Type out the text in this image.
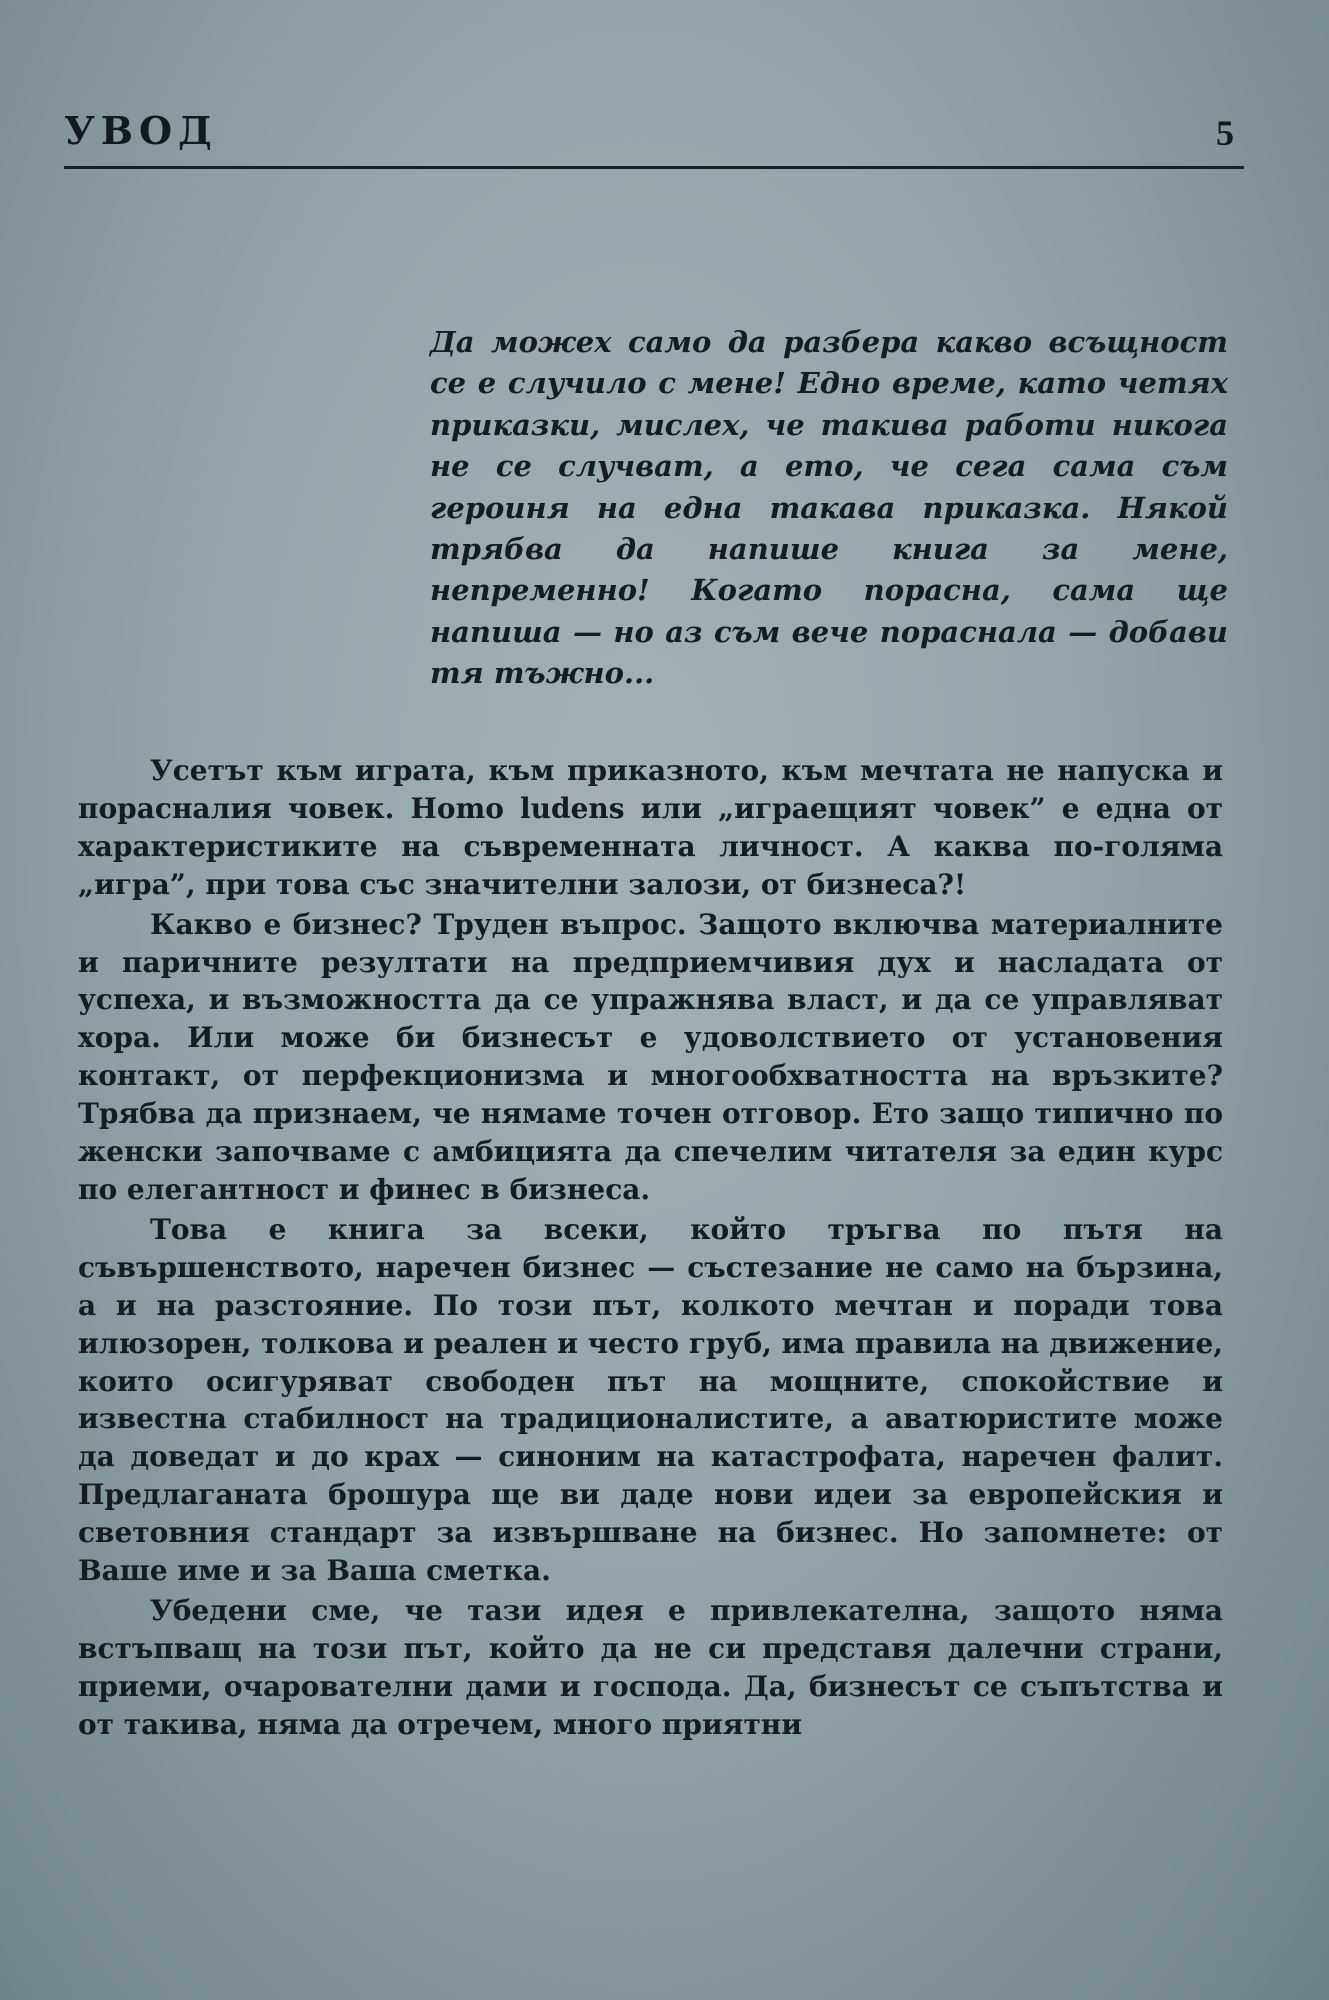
УВОД	5

Да можех само да разбера какво всъщност се е случило с мене! Едно време, като четях приказки, мислех, че такива работи никога не се случват, а ето, че сега сама съм героиня на една такава приказка. Някой трябва да напише книга за мене, непременно! Когато порасна, сама ще напиша — но аз съм вече пораснала — добави тя тъжно...

Усетът към играта, към приказното, към мечтата не напуска и порасналия човек. Homo ludens или „играещият човек” е една от характеристиките на съвременната личност. А каква по-голяма „игра”, при това със значителни залози, от бизнеса?!

Какво е бизнес? Труден въпрос. Защото включва материалните и паричните резултати на предприемчивия дух и насладата от успеха, и възможността да се упражнява власт, и да се управляват хора. Или може би бизнесът е удоволствието от установения контакт, от перфекционизма и многообхватността на връзките? Трябва да признаем, че нямаме точен отговор. Ето защо типично по женски започваме с амбицията да спечелим читателя за един курс по елегантност и финес в бизнеса.

Това е книга за всеки, който тръгва по пътя на съвършенството, наречен бизнес — състезание не само на бързина, а и на разстояние. По този път, колкото мечтан и поради това илюзорен, толкова и реален и често груб, има правила на движение, които осигуряват свободен път на мощните, спокойствие и известна стабилност на традиционалистите, а аватюристите може да доведат и до крах — синоним на катастрофата, наречен фалит. Предлаганата брошура ще ви даде нови идеи за европейския и световния стандарт за извършване на бизнес. Но запомнете: от Ваше име и за Ваша сметка.

Убедени сме, че тази идея е привлекателна, защото няма встъпващ на този път, който да не си представя далечни страни, приеми, очарователни дами и господа. Да, бизнесът се съпътства и от такива, няма да отречем, много приятни
